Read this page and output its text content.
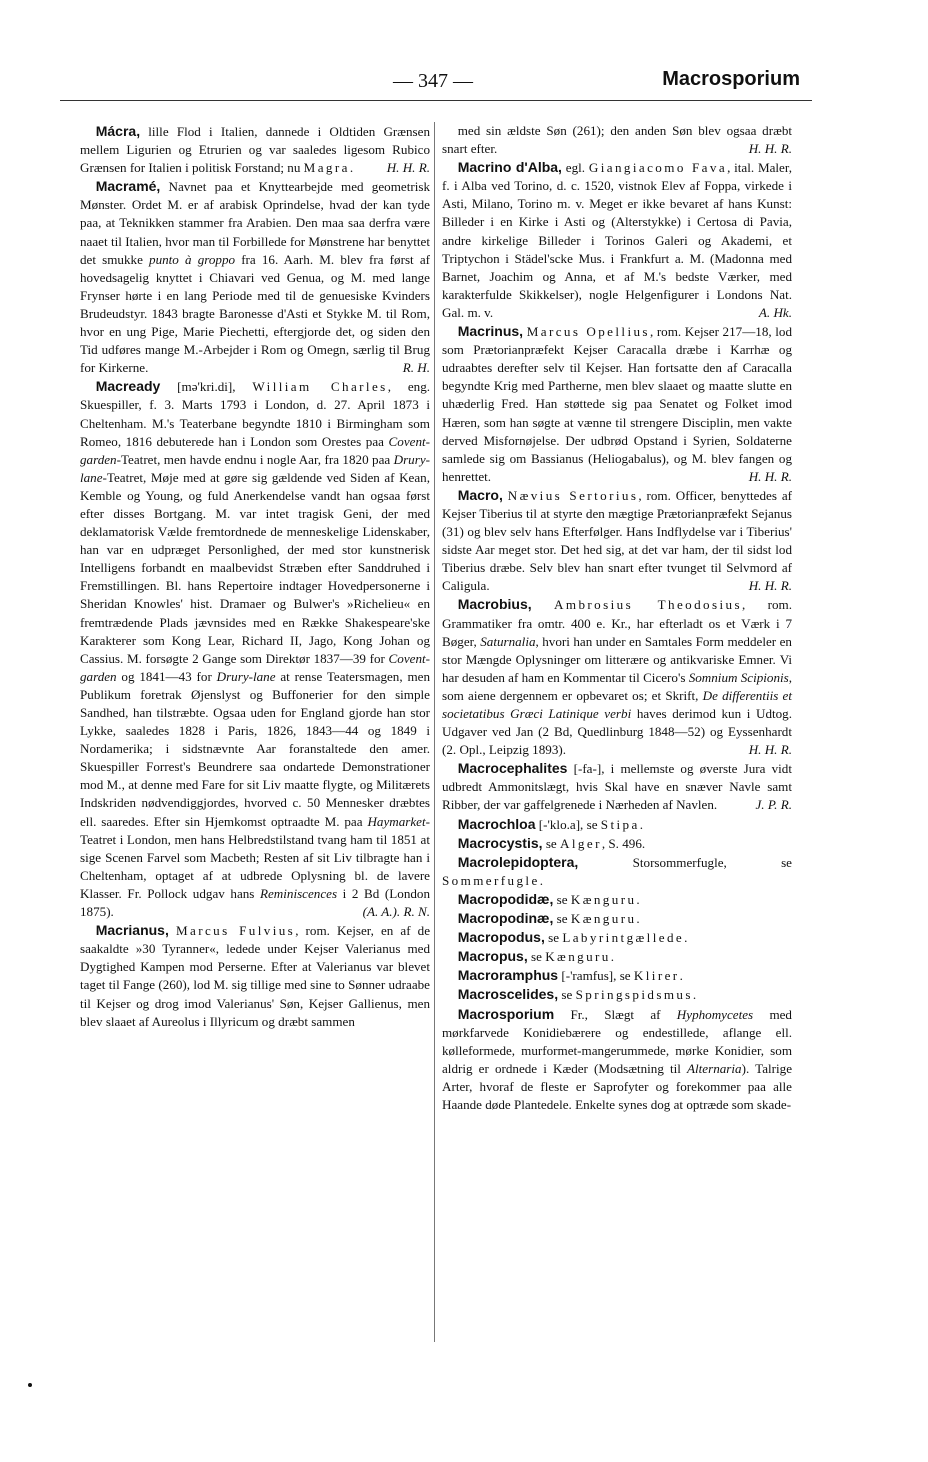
— 347 —	Macrosporium

Mácra, lille Flod i Italien, dannede i Oldtiden Grænsen mellem Ligurien og Etrurien og var saaledes ligesom Rubico Grænsen for Italien i politisk Forstand; nu Magra.	H. H. R.

Macramé, Navnet paa et Knyttearbejde med geometrisk Mønster. Ordet M. er af arabisk Oprindelse, hvad der kan tyde paa, at Teknikken stammer fra Arabien. Den maa saa derfra være naaet til Italien, hvor man til Forbillede for Mønstrene har benyttet det smukke punto à groppo fra 16. Aarh. M. blev fra først af hovedsagelig knyttet i Chiavari ved Genua, og M. med lange Frynser hørte i en lang Periode med til de genuesiske Kvinders Brudeudstyr. 1843 bragte Baronesse d'Asti et Stykke M. til Rom, hvor en ung Pige, Marie Piechetti, eftergjorde det, og siden den Tid udføres mange M.-Arbejder i Rom og Omegn, særlig til Brug for Kirkerne.	R. H.

Macready [mə'kri.di], William Charles, eng. Skuespiller, f. 3. Marts 1793 i London, d. 27. April 1873 i Cheltenham. M.'s Teaterbane begyndte 1810 i Birmingham som Romeo, 1816 debuterede han i London som Orestes paa Covent-garden-Teatret, men havde endnu i nogle Aar, fra 1820 paa Drury-lane-Teatret, Møje med at gøre sig gældende ved Siden af Kean, Kemble og Young, og fuld Anerkendelse vandt han ogsaa først efter disses Bortgang. M. var intet tragisk Geni, der med deklamatorisk Vælde fremtordnede de menneskelige Lidenskaber, han var en udpræget Personlighed, der med stor kunstnerisk Intelligens forbandt en maalbevidst Stræben efter Sanddruhed i Fremstillingen. Bl. hans Repertoire indtager Hovedpersonerne i Sheridan Knowles' hist. Dramaer og Bulwer's »Richelieu« en fremtrædende Plads jævnsides med en Række Shakespeare'ske Karakterer som Kong Lear, Richard II, Jago, Kong Johan og Cassius. M. forsøgte 2 Gange som Direktør 1837—39 for Covent-garden og 1841—43 for Drury-lane at rense Teatersmagen, men Publikum foretrak Øjenslyst og Buffonerier for den simple Sandhed, han tilstræbte. Ogsaa uden for England gjorde han stor Lykke, saaledes 1828 i Paris, 1826, 1843—44 og 1849 i Nordamerika; i sidstnævnte Aar foranstaltede den amer. Skuespiller Forrest's Beundrere saa ondartede Demonstrationer mod M., at denne med Fare for sit Liv maatte flygte, og Militærets Indskriden nødvendiggjordes, hvorved c. 50 Mennesker dræbtes ell. saaredes. Efter sin Hjemkomst optraadte M. paa Haymarket-Teatret i London, men hans Helbredstilstand tvang ham til 1851 at sige Scenen Farvel som Macbeth; Resten af sit Liv tilbragte han i Cheltenham, optaget af at udbrede Oplysning bl. de lavere Klasser. Fr. Pollock udgav hans Reminiscences i 2 Bd (London 1875).	(A. A.). R. N.

Macrianus, Marcus Fulvius, rom. Kejser, en af de saakaldte »30 Tyranner«, ledede under Kejser Valerianus med Dygtighed Kampen mod Perserne. Efter at Valerianus var blevet taget til Fange (260), lod M. sig tillige med sine to Sønner udraabe til Kejser og drog imod Valerianus' Søn, Kejser Gallienus, men blev slaaet af Aureolus i Illyricum og dræbt sammen

med sin ældste Søn (261); den anden Søn blev ogsaa dræbt snart efter.	H. H. R.

Macrino d'Alba, egl. Giangiacomo Fava, ital. Maler, f. i Alba ved Torino, d. c. 1520, vistnok Elev af Foppa, virkede i Asti, Milano, Torino m. v. Meget er ikke bevaret af hans Kunst: Billeder i en Kirke i Asti og (Alterstykke) i Certosa di Pavia, andre kirkelige Billeder i Torinos Galeri og Akademi, et Triptychon i Städel'scke Mus. i Frankfurt a. M. (Madonna med Barnet, Joachim og Anna, et af M.'s bedste Værker, med karakterfulde Skikkelser), nogle Helgenfigurer i Londons Nat. Gal. m. v.	A. Hk.

Macrinus, Marcus Opellius, rom. Kejser 217—18, lod som Prætorianpræfekt Kejser Caracalla dræbe i Karrhæ og udraabtes derefter selv til Kejser. Han fortsatte den af Caracalla begyndte Krig med Partherne, men blev slaaet og maatte slutte en uhæderlig Fred. Han støttede sig paa Senatet og Folket imod Hæren, som han søgte at vænne til strengere Disciplin, men vakte derved Misfornøjelse. Der udbrød Opstand i Syrien, Soldaterne samlede sig om Bassianus (Heliogabalus), og M. blev fangen og henrettet.	H. H. R.

Macro, Nævius Sertorius, rom. Officer, benyttedes af Kejser Tiberius til at styrte den mægtige Prætorianpræfekt Sejanus (31) og blev selv hans Efterfølger. Hans Indflydelse var i Tiberius' sidste Aar meget stor. Det hed sig, at det var ham, der til sidst lod Tiberius dræbe. Selv blev han snart efter tvunget til Selvmord af Caligula.	H. H. R.

Macrobius, Ambrosius Theodosius, rom. Grammatiker fra omtr. 400 e. Kr., har efterladt os et Værk i 7 Bøger, Saturnalia, hvori han under en Samtales Form meddeler en stor Mængde Oplysninger om litterære og antikvariske Emner. Vi har desuden af ham en Kommentar til Cicero's Somnium Scipionis, som aiene dergennem er opbevaret os; et Skrift, De differentiis et societatibus Græci Latinique verbi haves derimod kun i Udtog. Udgaver ved Jan (2 Bd, Quedlinburg 1848—52) og Eyssenhardt (2. Opl., Leipzig 1893).	H. H. R.

Macrocephalites [-fa-], i mellemste og øverste Jura vidt udbredt Ammonitslægt, hvis Skal have en snæver Navle samt Ribber, der var gaffelgrenede i Nærheden af Navlen.	J. P. R.

Macrochloa [-'klo.a], se Stipa.

Macrocystis, se Alger, S. 496.

Macrolepidoptera, Storsommerfugle, se Sommerfugle.

Macropodidæ, se Kænguru.

Macropodinæ, se Kænguru.

Macropodus, se Labyrintgællede.

Macropus, se Kænguru.

Macroramphus [-'ramfus], se Klirer.

Macroscelides, se Springspidsmus.

Macrosporium Fr., Slægt af Hyphomycetes med mørkfarvede Konidiebærere og endestillede, aflange ell. kølleformede, murformet-mangerummede, mørke Konidier, som aldrig er ordnede i Kæder (Modsætning til Alternaria). Talrige Arter, hvoraf de fleste er Saprofyter og forekommer paa alle Haande døde Plantedele. Enkelte synes dog at optræde som skade-
